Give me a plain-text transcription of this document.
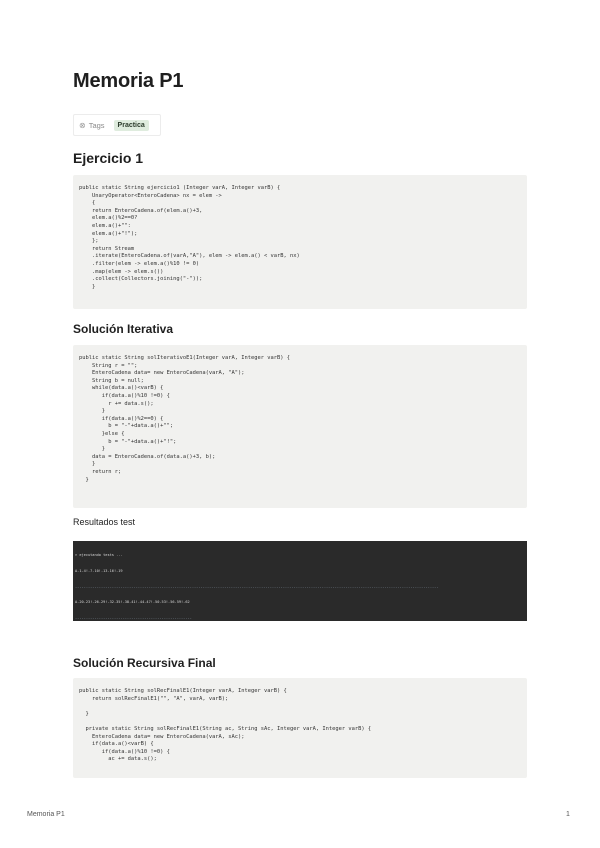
Memoria P1
⊗ Tags	Practica
Ejercicio 1
public static String ejercicio1 (Integer varA, Integer varB) {
UnaryOperator<EnteroCadena> nx = elem ->
{
return EnteroCadena.of(elem.a()+3,
elem.a()%2==0?
elem.a()+"":
elem.a()+"!");
};
return Stream
.iterate(EnteroCadena.of(varA,"A"), elem -> elem.a() < varB, nx)
.filter(elem -> elem.a()%10 != 0)
.map(elem -> elem.s())
.collect(Collectors.joining("-"));
}
Solución Iterativa
public static String solIterativoE1(Integer varA, Integer varB) {
String r = "";
EnteroCadena data= new EnteroCadena(varA, "A");
String b = null;
while(data.a()<varB) {
if(data.a()%10 !=0) {
r += data.s();
}
if(data.a()%2==0) {
b = "-"+data.a()+"";
}else {
b = "-"+data.a()+"!";
}
data = EnteroCadena.of(data.a()+3, b);
}
return r;
}
Resultados test

> ejecutando tests ...

A-1-4!-7-10!-13-16!-19

------------------------------------------------------------------------------------------------------------------------------------------------------------------------

A-20-23!-26-29!-32-35!-38-41!-44-47!-50-53!-56-59!-62

------------------------------------------------------

Solución Recursiva Final
public static String solRecFinalE1(Integer varA, Integer varB) {
return solRecFinalE1("", "A", varA, varB);

}

private static String solRecFinalE1(String ac, String sAc, Integer varA, Integer varB) {
EnteroCadena data= new EnteroCadena(varA, sAc);
if(data.a()<varB) {
if(data.a()%10 !=0) {
ac += data.s();
Memoria P1	1
